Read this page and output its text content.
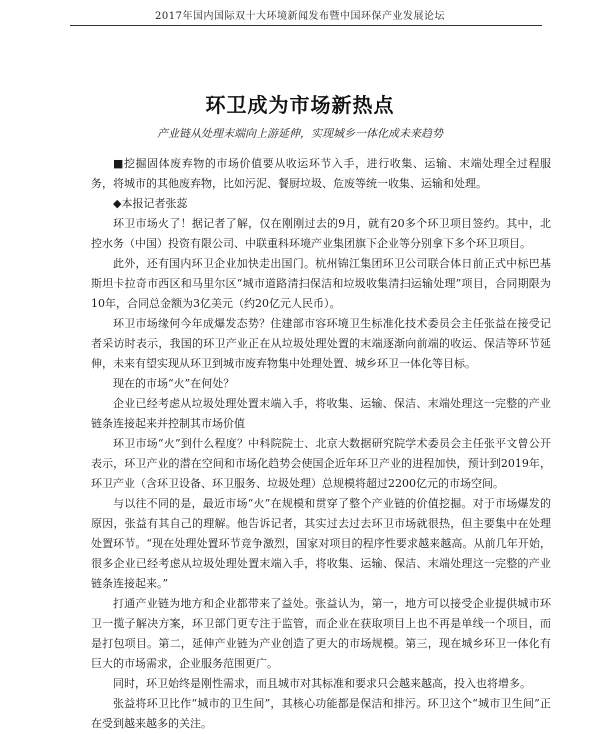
2017年国内国际双十大环境新闻发布暨中国环保产业发展论坛
环卫成为市场新热点
产业链从处理末端向上游延伸，实现城乡一体化成未来趋势

■挖掘固体废弃物的市场价值要从收运环节入手，进行收集、运输、末端处理全过程服务，将城市的其他废弃物，比如污泥、餐厨垃圾、危废等统一收集、运输和处理。

◆本报记者张蕊

环卫市场火了！据记者了解，仅在刚刚过去的9月，就有20多个环卫项目签约。其中，北控水务（中国）投资有限公司、中联重科环境产业集团旗下企业等分别拿下多个环卫项目。

此外，还有国内环卫企业加快走出国门。杭州锦江集团环卫公司联合体日前正式中标巴基斯坦卡拉奇市西区和马里尔区“城市道路清扫保洁和垃圾收集清扫运输处理”项目，合同期限为10年，合同总金额为3亿美元（约20亿元人民币）。

环卫市场缘何今年成爆发态势？住建部市容环境卫生标准化技术委员会主任张益在接受记者采访时表示，我国的环卫产业正在从垃圾处理处置的末端逐渐向前端的收运、保洁等环节延伸，未来有望实现从环卫到城市废弃物集中处理处置、城乡环卫一体化等目标。

现在的市场“火”在何处？

企业已经考虑从垃圾处理处置末端入手，将收集、运输、保洁、末端处理这一完整的产业链条连接起来并控制其市场价值

环卫市场“火”到什么程度？中科院院士、北京大数据研究院学术委员会主任张平文曾公开表示，环卫产业的潜在空间和市场化趋势会使国企近年环卫产业的进程加快，预计到2019年，环卫产业（含环卫设备、环卫服务、垃圾处理）总规模将超过2200亿元的市场空间。

与以往不同的是，最近市场“火”在规模和贯穿了整个产业链的价值挖掘。对于市场爆发的原因，张益有其自己的理解。他告诉记者，其实过去过去环卫市场就很热，但主要集中在处理处置环节。“现在处理处置环节竞争激烈，国家对项目的程序性要求越来越高。从前几年开始，很多企业已经考虑从垃圾处理处置末端入手，将收集、运输、保洁、末端处理这一完整的产业链条连接起来。”

打通产业链为地方和企业都带来了益处。张益认为，第一，地方可以接受企业提供城市环卫一揽子解决方案，环卫部门更专注于监管，而企业在获取项目上也不再是单线一个项目，而是打包项目。第二，延伸产业链为产业创造了更大的市场规模。第三，现在城乡环卫一体化有巨大的市场需求，企业服务范围更广。

同时，环卫始终是刚性需求，而且城市对其标准和要求只会越来越高，投入也将增多。

张益将环卫比作“城市的卫生间”，其核心功能都是保洁和排污。环卫这个“城市卫生间”正在受到越来越多的关注。
